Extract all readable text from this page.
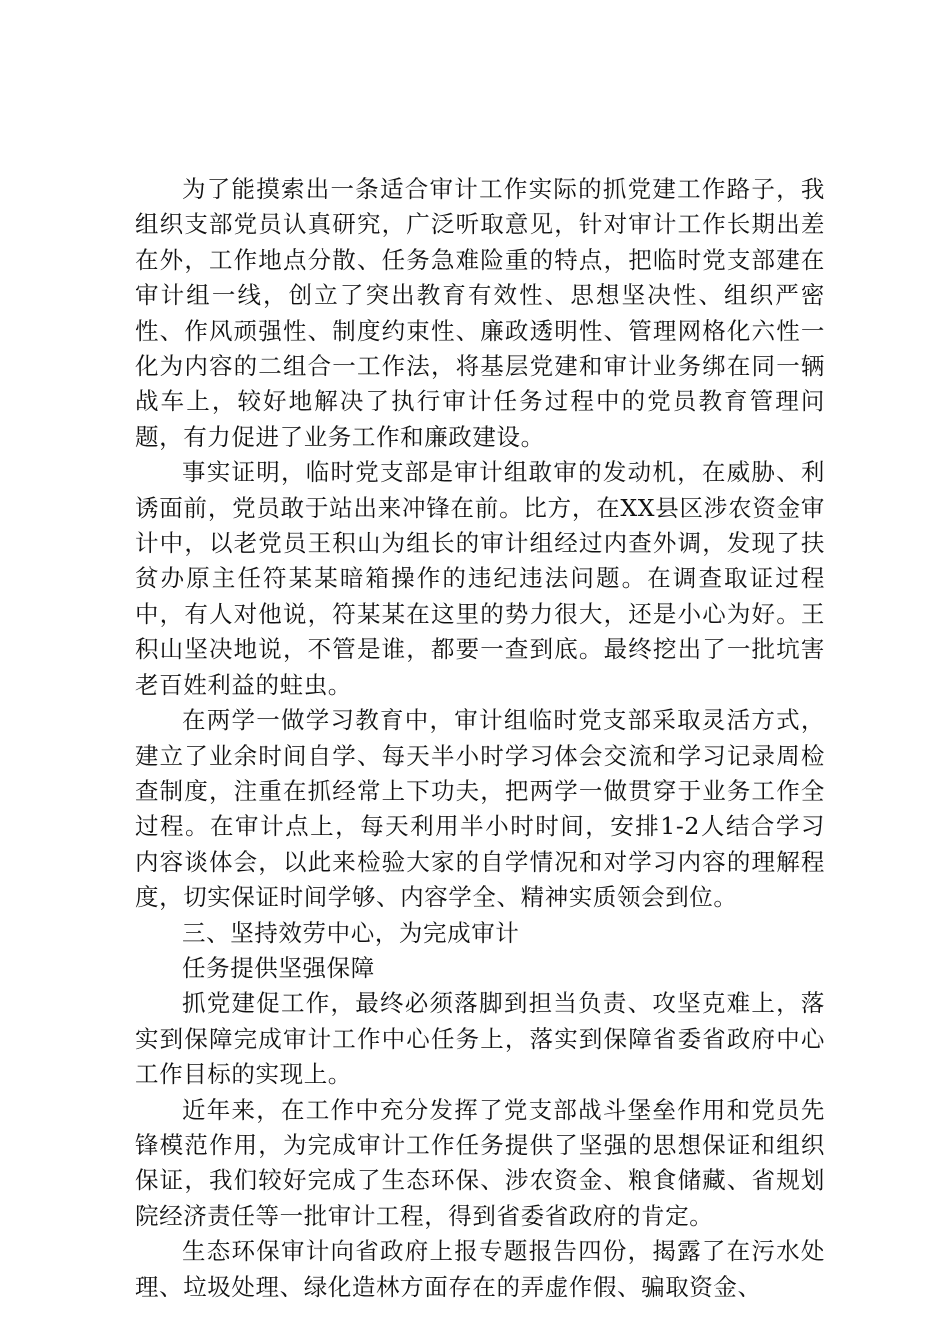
为了能摸索出一条适合审计工作实际的抓党建工作路子，我组织支部党员认真研究，广泛听取意见，针对审计工作长期出差在外，工作地点分散、任务急难险重的特点，把临时党支部建在审计组一线，创立了突出教育有效性、思想坚决性、组织严密性、作风顽强性、制度约束性、廉政透明性、管理网格化六性一化为内容的二组合一工作法，将基层党建和审计业务绑在同一辆战车上，较好地解决了执行审计任务过程中的党员教育管理问题，有力促进了业务工作和廉政建设。

事实证明，临时党支部是审计组敢审的发动机，在威胁、利诱面前，党员敢于站出来冲锋在前。比方，在XX县区涉农资金审计中，以老党员王积山为组长的审计组经过内查外调，发现了扶贫办原主任符某某暗箱操作的违纪违法问题。在调查取证过程中，有人对他说，符某某在这里的势力很大，还是小心为好。王积山坚决地说，不管是谁，都要一查到底。最终挖出了一批坑害老百姓利益的蛀虫。

在两学一做学习教育中，审计组临时党支部采取灵活方式，建立了业余时间自学、每天半小时学习体会交流和学习记录周检查制度，注重在抓经常上下功夫，把两学一做贯穿于业务工作全过程。在审计点上，每天利用半小时时间，安排1-2人结合学习内容谈体会，以此来检验大家的自学情况和对学习内容的理解程度，切实保证时间学够、内容学全、精神实质领会到位。

三、坚持效劳中心，为完成审计

任务提供坚强保障

抓党建促工作，最终必须落脚到担当负责、攻坚克难上，落实到保障完成审计工作中心任务上，落实到保障省委省政府中心工作目标的实现上。

近年来，在工作中充分发挥了党支部战斗堡垒作用和党员先锋模范作用，为完成审计工作任务提供了坚强的思想保证和组织保证，我们较好完成了生态环保、涉农资金、粮食储藏、省规划院经济责任等一批审计工程，得到省委省政府的肯定。

生态环保审计向省政府上报专题报告四份，揭露了在污水处理、垃圾处理、绿化造林方面存在的弄虚作假、骗取资金、
